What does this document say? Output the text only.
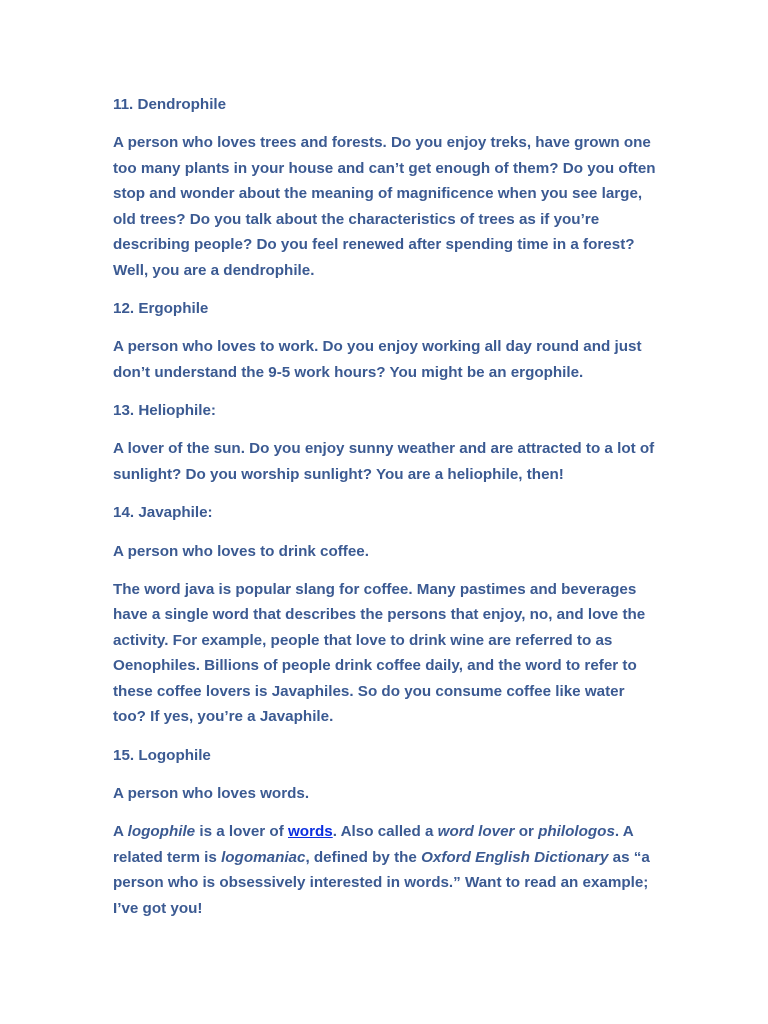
11. Dendrophile

A person who loves trees and forests. Do you enjoy treks, have grown one too many plants in your house and can’t get enough of them? Do you often stop and wonder about the meaning of magnificence when you see large, old trees? Do you talk about the characteristics of trees as if you’re describing people? Do you feel renewed after spending time in a forest? Well, you are a dendrophile.

12. Ergophile

A person who loves to work. Do you enjoy working all day round and just don’t understand the 9-5 work hours? You might be an ergophile.

13. Heliophile:

A lover of the sun. Do you enjoy sunny weather and are attracted to a lot of sunlight? Do you worship sunlight? You are a heliophile, then!

14. Javaphile:

A person who loves to drink coffee.

The word java is popular slang for coffee. Many pastimes and beverages have a single word that describes the persons that enjoy, no, and love the activity. For example, people that love to drink wine are referred to as Oenophiles. Billions of people drink coffee daily, and the word to refer to these coffee lovers is Javaphiles. So do you consume coffee like water too? If yes, you’re a Javaphile.

15. Logophile

A person who loves words.

A logophile is a lover of words. Also called a word lover or philologos. A related term is logomaniac, defined by the Oxford English Dictionary as “a person who is obsessively interested in words.” Want to read an example; I’ve got you!
